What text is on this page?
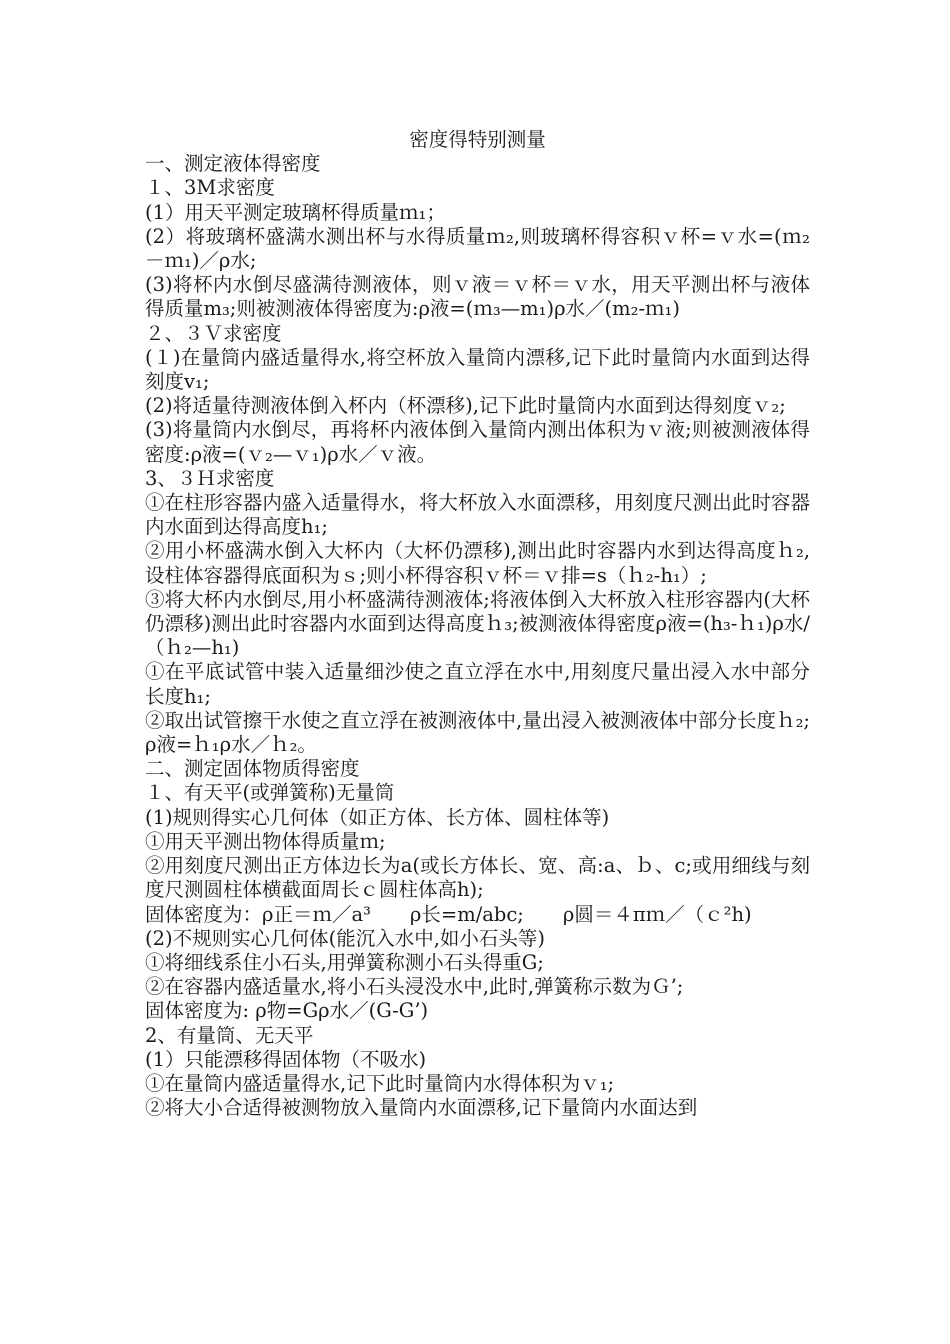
密度得特别测量

一、测定液体得密度

１、3M求密度

(1）用天平测定玻璃杯得质量ｍ₁；

(2）将玻璃杯盛满水测出杯与水得质量ｍ₂,则玻璃杯得容积ｖ杯=ｖ水=(ｍ₂－ｍ₁)／ρ水;

(3)将杯内水倒尽盛满待测液体，则ｖ液＝ｖ杯＝ｖ水，用天平测出杯与液体得质量m₃;则被测液体得密度为:ρ液=(ｍ₃—m₁)ρ水／(m₂-ｍ₁)

２、３Ｖ求密度

(１)在量筒内盛适量得水,将空杯放入量筒内漂移,记下此时量筒内水面到达得刻度v₁;

(2)将适量待测液体倒入杯内（杯漂移),记下此时量筒内水面到达得刻度ｖ₂;

(3)将量筒内水倒尽，再将杯内液体倒入量筒内测出体积为ｖ液;则被测液体得密度:ρ液=(ｖ₂—ｖ₁)ρ水／ｖ液。

3、３Ｈ求密度

①在柱形容器内盛入适量得水，将大杯放入水面漂移，用刻度尺测出此时容器内水面到达得高度h₁;

②用小杯盛满水倒入大杯内（大杯仍漂移),测出此时容器内水到达得高度ｈ₂,设柱体容器得底面积为ｓ;则小杯得容积ｖ杯＝ｖ排=s（ｈ₂-h₁）;

③将大杯内水倒尽,用小杯盛满待测液体;将液体倒入大杯放入柱形容器内(大杯仍漂移)测出此时容器内水面到达得高度ｈ₃;被测液体得密度ρ液=(h₃-ｈ₁)ρ水/（ｈ₂—h₁)

①在平底试管中装入适量细沙使之直立浮在水中,用刻度尺量出浸入水中部分长度h₁;

②取出试管擦干水使之直立浮在被测液体中,量出浸入被测液体中部分长度ｈ₂;ρ液=ｈ₁ρ水／ｈ₂。

二、测定固体物质得密度

１、有天平(或弹簧称)无量筒

(1)规则得实心几何体（如正方体、长方体、圆柱体等)

①用天平测出物体得质量ｍ;

②用刻度尺测出正方体边长为a(或长方体长、宽、高:a、ｂ、c;或用细线与刻度尺测圆柱体横截面周长ｃ圆柱体高h);

固体密度为：ρ正＝ｍ／a³　　ρ长=m/abc;　　ρ圆＝４πｍ／（ｃ²h)

(2)不规则实心几何体(能沉入水中,如小石头等)

①将细线系住小石头,用弹簧称测小石头得重G;

②在容器内盛适量水,将小石头浸没水中,此时,弹簧称示数为Ｇ’;

固体密度为: ρ物=Gρ水／(G-G’)

2、有量筒、无天平

(1）只能漂移得固体物（不吸水)

①在量筒内盛适量得水,记下此时量筒内水得体积为ｖ₁;

②将大小合适得被测物放入量筒内水面漂移,记下量筒内水面达到
